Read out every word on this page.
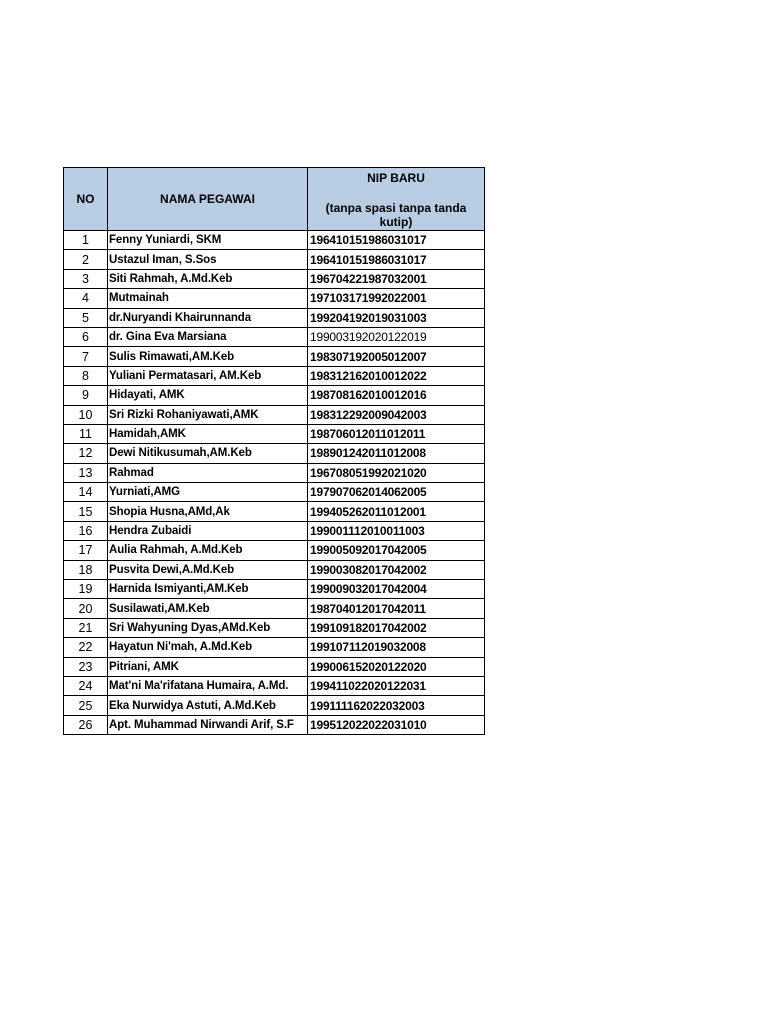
NO	NAMA PEGAWAI	NIP BARU
(tanpa spasi tanpa tanda kutip)

1	Fenny Yuniardi, SKM	196410151986031017
2	Ustazul Iman, S.Sos	196410151986031017
3	Siti Rahmah, A.Md.Keb	196704221987032001
4	Mutmainah	197103171992022001
5	dr.Nuryandi Khairunnanda	199204192019031003
6	dr. Gina Eva Marsiana	199003192020122019
7	Sulis Rimawati,AM.Keb	198307192005012007
8	Yuliani Permatasari, AM.Keb	198312162010012022
9	Hidayati, AMK	198708162010012016
10	Sri Rizki Rohaniyawati,AMK	198312292009042003
11	Hamidah,AMK	198706012011012011
12	Dewi Nitikusumah,AM.Keb	198901242011012008
13	Rahmad	196708051992021020
14	Yurniati,AMG	197907062014062005
15	Shopia Husna,AMd,Ak	199405262011012001
16	Hendra Zubaidi	199001112010011003
17	Aulia Rahmah, A.Md.Keb	199005092017042005
18	Pusvita Dewi,A.Md.Keb	199003082017042002
19	Harnida Ismiyanti,AM.Keb	199009032017042004
20	Susilawati,AM.Keb	198704012017042011
21	Sri Wahyuning Dyas,AMd.Keb	199109182017042002
22	Hayatun Ni'mah, A.Md.Keb	199107112019032008
23	Pitriani, AMK	199006152020122020
24	Mat'ni Ma'rifatana Humaira, A.Md.	199411022020122031
25	Eka Nurwidya Astuti, A.Md.Keb	199111162022032003
26	Apt. Muhammad Nirwandi Arif, S.F	199512022022031010
